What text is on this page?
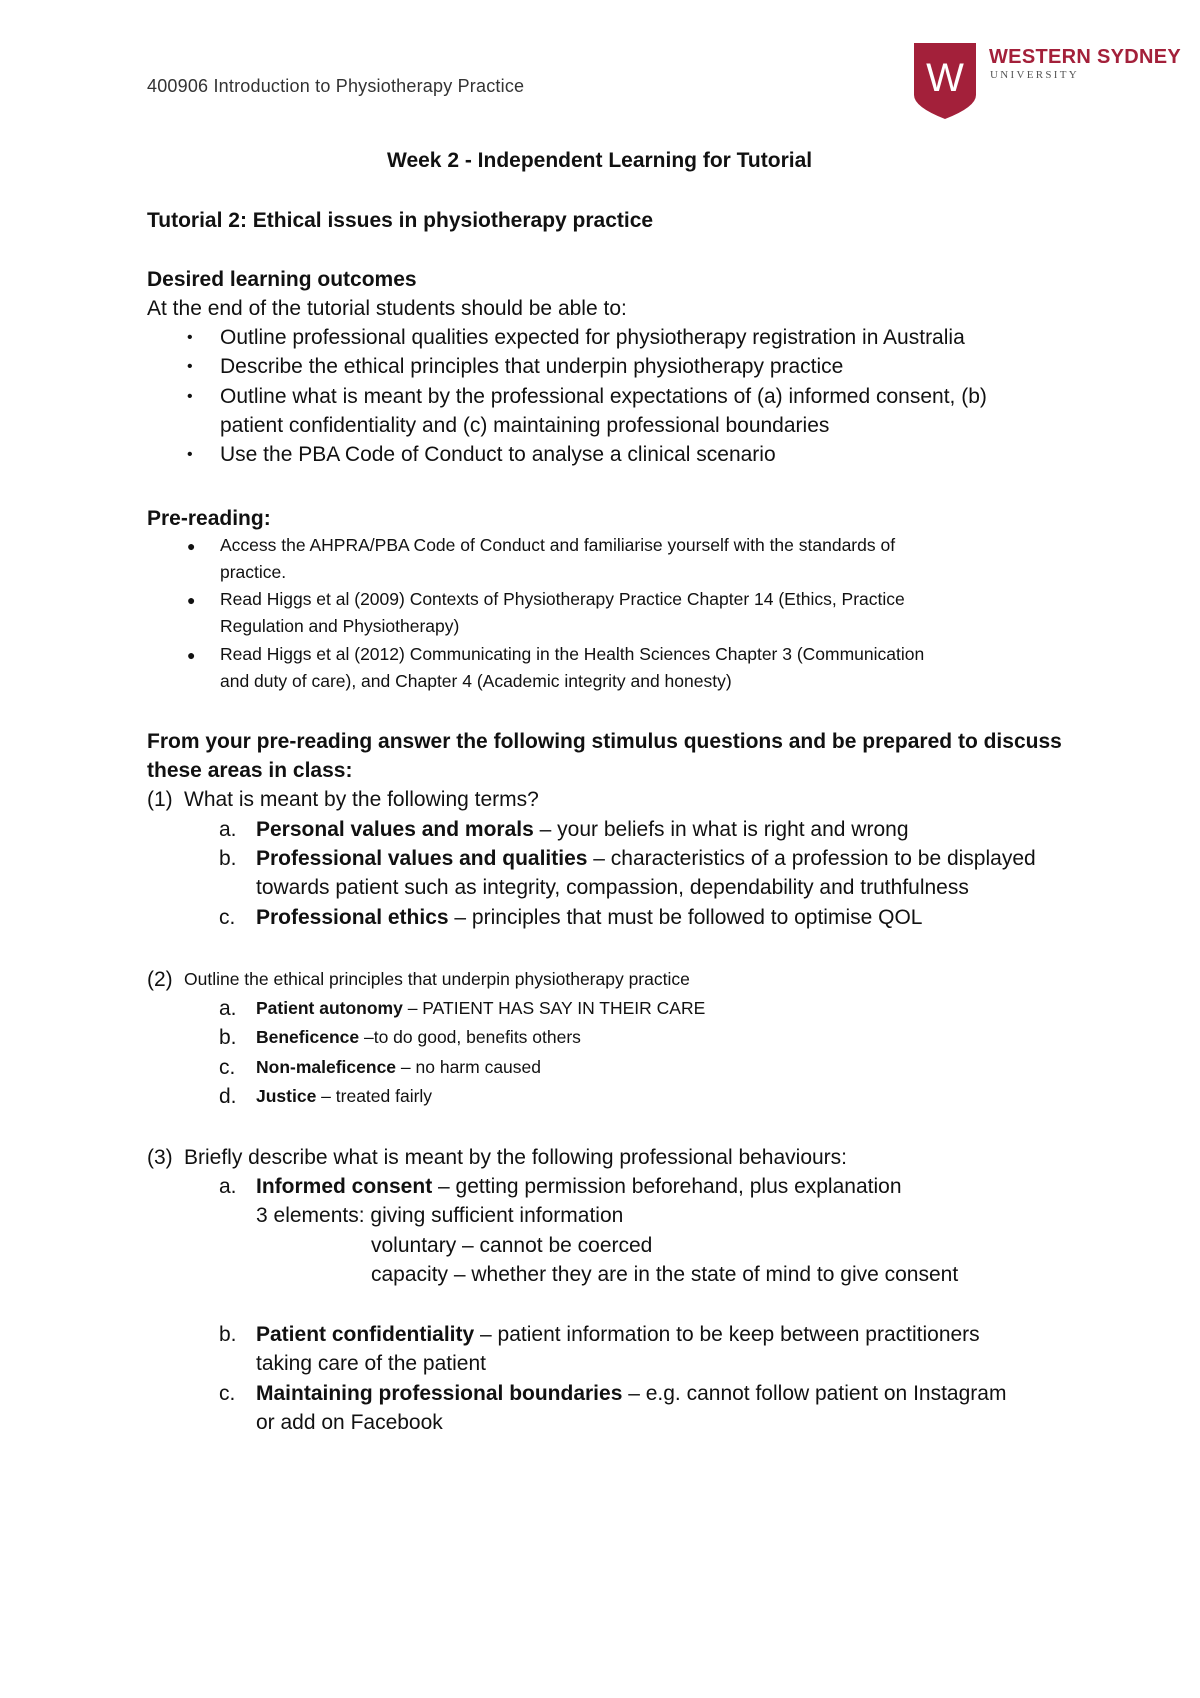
400906 Introduction to Physiotherapy Practice	W WESTERN SYDNEY
UNIVERSITY
Week 2 - Independent Learning for Tutorial
Tutorial 2: Ethical issues in physiotherapy practice
Desired learning outcomes
At the end of the tutorial students should be able to:
• Outline professional qualities expected for physiotherapy registration in Australia
• Describe the ethical principles that underpin physiotherapy practice
• Outline what is meant by the professional expectations of (a) informed consent, (b)
patient confidentiality and (c) maintaining professional boundaries
• Use the PBA Code of Conduct to analyse a clinical scenario
Pre-reading:
● Access the AHPRA/PBA Code of Conduct and familiarise yourself with the standards of
practice.
● Read Higgs et al (2009) Contexts of Physiotherapy Practice Chapter 14 (Ethics, Practice
Regulation and Physiotherapy)
● Read Higgs et al (2012) Communicating in the Health Sciences Chapter 3 (Communication
and duty of care), and Chapter 4 (Academic integrity and honesty)
From your pre-reading answer the following stimulus questions and be prepared to discuss
these areas in class:
(1) What is meant by the following terms?
a. Personal values and morals – your beliefs in what is right and wrong
b. Professional values and qualities – characteristics of a profession to be displayed
towards patient such as integrity, compassion, dependability and truthfulness
c. Professional ethics – principles that must be followed to optimise QOL
(2) Outline the ethical principles that underpin physiotherapy practice
a. Patient autonomy – PATIENT HAS SAY IN THEIR CARE
b. Beneficence –to do good, benefits others
c. Non-maleficence – no harm caused
d. Justice – treated fairly
(3) Briefly describe what is meant by the following professional behaviours:
a. Informed consent – getting permission beforehand, plus explanation
3 elements: giving sufficient information
voluntary – cannot be coerced
capacity – whether they are in the state of mind to give consent
b. Patient confidentiality – patient information to be keep between practitioners
taking care of the patient
c. Maintaining professional boundaries – e.g. cannot follow patient on Instagram
or add on Facebook
